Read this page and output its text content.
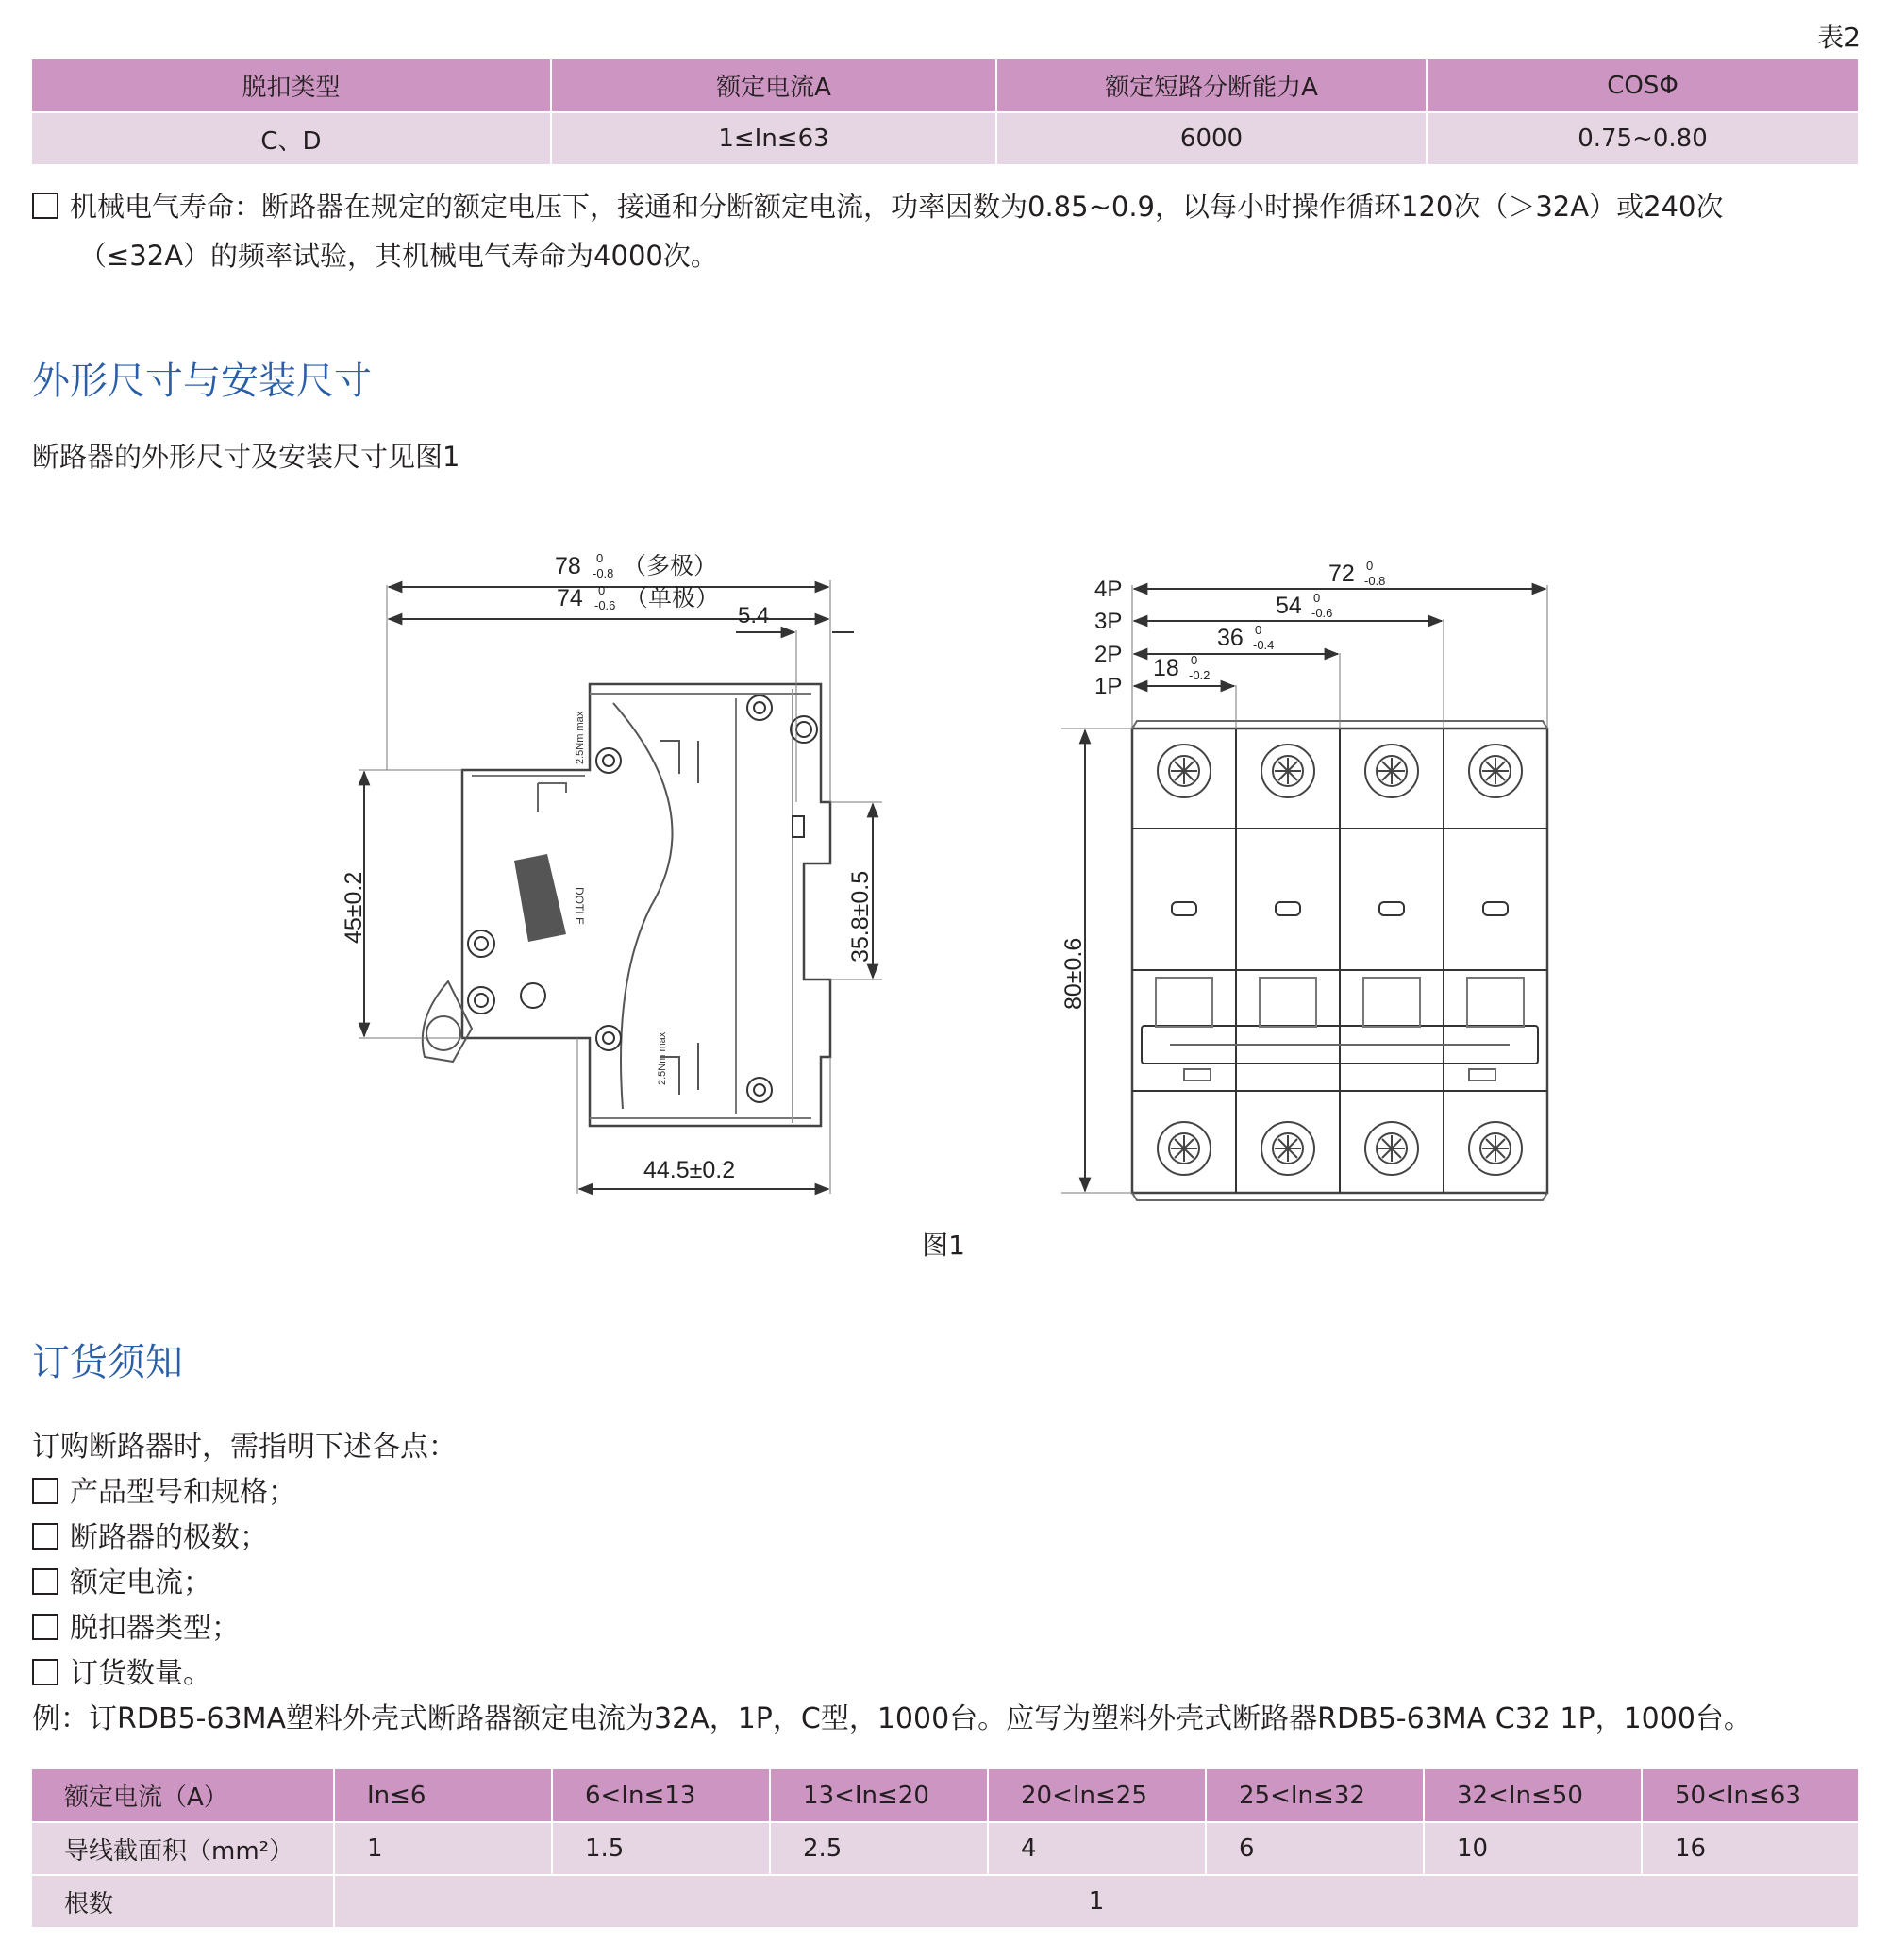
表2
脱扣类型	额定电流A	额定短路分断能力A	COSΦ
C、D	1≤In≤63	6000	0.75~0.80
机械电气寿命：断路器在规定的额定电压下，接通和分断额定电流，功率因数为0.85~0.9，以每小时操作循环120次（＞32A）或240次
（≤32A）的频率试验，其机械电气寿命为4000次。
外形尺寸与安装尺寸
断路器的外形尺寸及安装尺寸见图1
DOTLE
2.5Nm max
2.5Nm max
78 0
-0.8 （多极）
74 0
-0.6 （单极）
5.4
45±0.2	35.8±0.5
44.5±0.2
4P
3P
2P
1P
72 0
-0.8
54 0
-0.6
36 0
-0.4
18 0
-0.2
80±0.6
图1
订货须知
订购断路器时，需指明下述各点：
产品型号和规格；
断路器的极数；
额定电流；
脱扣器类型；
订货数量。
例：订RDB5-63MA塑料外壳式断路器额定电流为32A，1P，C型，1000台。应写为塑料外壳式断路器RDB5-63MA C32 1P，1000台。
额定电流（A）	In≤6	6<In≤13	13<In≤20	20<In≤25	25<In≤32	32<In≤50	50<In≤63
导线截面积（mm²）	1	1.5	2.5	4	6	10	16
根数	1						
